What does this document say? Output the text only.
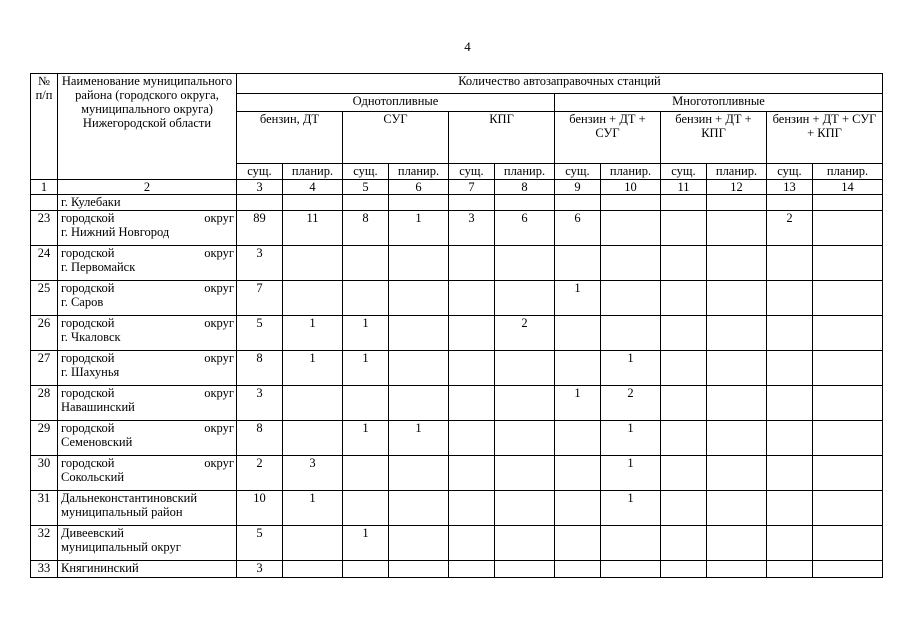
4
№ п/п	Наименование муниципального района (городского округа, муниципального округа) Нижегородской области	Количество автозаправочных станций											
		Однотопливные						Многотопливные					
		бензин, ДТ		СУГ		КПГ		бензин + ДТ + СУГ		бензин + ДТ + КПГ		бензин + ДТ + СУГ + КПГ	
		сущ.	планир.	сущ.	планир.	сущ.	планир.	сущ.	планир.	сущ.	планир.	сущ.	планир.
1	2	3	4	5	6	7	8	9	10	11	12	13	14

	г. Кулебаки												

23	городской округ
г. Нижний Новгород	89	11	8	1	3	6	6				2	
24	городской округ
г. Первомайск	3											
25	городской округ
г. Саров	7						1					
26	городской округ
г. Чкаловск	5	1	1			2						
27	городской округ
г. Шахунья	8	1	1					1				
28	городской округ
Навашинский	3						1	2				
29	городской округ
Семеновский	8		1	1				1				
30	городской округ
Сокольский	2	3						1				
31	Дальнеконстантиновский
муниципальный район	10	1						1				
32	Дивеевский
муниципальный округ	5		1									
33	Княгининский	3											
